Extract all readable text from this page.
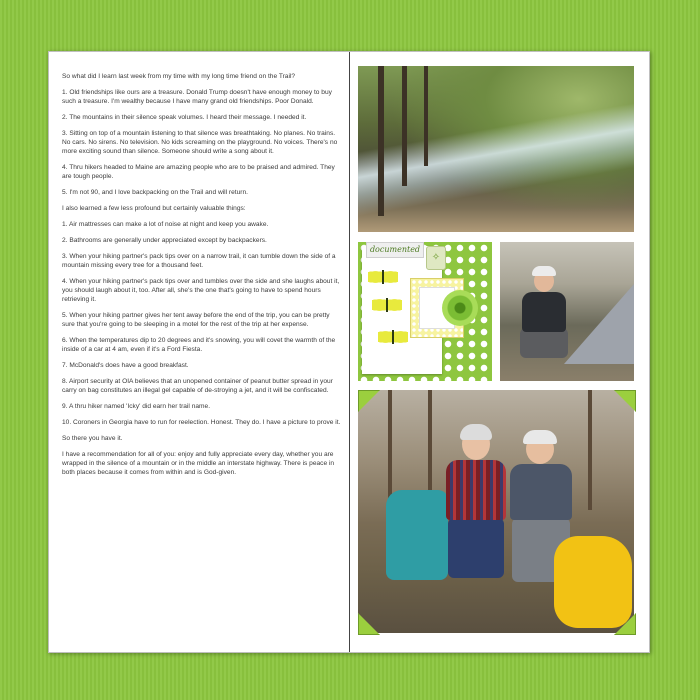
So what did I learn last week from my time with my long time friend on the Trail?

1. Old friendships like ours are a treasure. Donald Trump doesn't have enough money to buy such a treasure. I'm wealthy because I have many grand old friendships. Poor Donald.

2. The mountains in their silence speak volumes. I heard their message. I needed it.

3. Sitting on top of a mountain listening to that silence was breathtaking. No planes. No trains. No cars. No sirens. No television. No kids screaming on the playground. No voices. There's no more exciting sound than silence. Someone should write a song about it.

4. Thru hikers headed to Maine are amazing people who are to be praised and admired. They are tough people.

5. I'm not 90, and I love backpacking on the Trail and will return.

I also learned a few less profound but certainly valuable things:

1. Air mattresses can make a lot of noise at night and keep you awake.

2. Bathrooms are generally under appreciated except by backpackers.

3. When your hiking partner's pack tips over on a narrow trail, it can tumble down the side of a mountain missing every tree for a thousand feet.

4. When your hiking partner's pack tips over and tumbles over the side and she laughs about it, you should laugh about it, too. After all, she's the one that's going to have to spend hours retrieving it.

5. When your hiking partner gives her tent away before the end of the trip, you can be pretty sure that you're going to be sleeping in a motel for the rest of the trip at her expense.

6. When the temperatures dip to 20 degrees and it's snowing, you will covet the warmth of the inside of a car at 4 am, even if it's a Ford Fiesta.

7. McDonald's does have a good breakfast.

8. Airport security at OIA believes that an unopened container of peanut butter spread in your carry on bag constitutes an illegal gel capable of de-stroying a jet, and it will be confiscated.

9. A thru hiker named 'Icky' did earn her trail name.

10. Coroners in Georgia have to run for reelection. Honest. They do. I have a picture to prove it.

So there you have it.

I have a recommendation for all of you: enjoy and fully appreciate every day, whether you are wrapped in the silence of a mountain or in the middle an interstate highway. There is peace in both places because it comes from within and is God-given.

documented
✧
